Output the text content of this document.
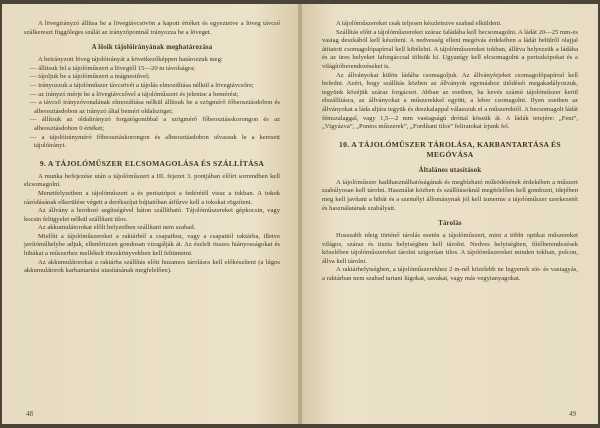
A lövegirányzó állítsa be a lövegtávcsövön a kapott értéket és egyeztetve a löveg távcső szálkereszt függőleges szálát az irányzópontnál irányozza be a löveget.

A lösik tájolóirányának meghatározása

A beirányzott löveg tájolóirányát a következőképpen határozzuk meg:

— állítsuk fel a tájolóműszert a lövegtől 15—20 m távolságra;

— tájoljuk be a tájolóműszert a mágnestűvel;

— irányozzuk a tájolóműszer távcsövét a tájolás elmozdítása nélkül a lövegtávcsőre;

— az irányzó mérje be a lövegtávcsővel a tájolóműszert és jelentse a bemérést;

— a távcső irányzóvonalának elmozdítása nélkül állítsuk be a szögmérő főbeosztásdobon és albeosztásdobon az irányzó által bemért oldalszöget;

— állítsuk az oldalirányzó forgatógombbal a szögmérő főbeosztásskorongon és az albeosztásdobon 0 értéket;

— a tájolóirányméró főbeosztáskorongon és albeosztásdobon olvassuk le a keresett tájolóirányt.

9. A TÁJOLÓMŰSZER ELCSOMAGOLÁSA ÉS SZÁLLÍTÁSA

A munka befejezése után a tájolóműszert a III. fejezet 3. pontjában előírt sorrendben kell elcsomagolni.

Menetfelyzetben a tájolóműszert a és perisztópot a fedérétől vissz a tokban. A tokok rázódásának elkerülése végett a derékszíjat bújtatóban átfűzve kell a tokokat rögzíteni.

Az állvány a hordozó segítségével háton szállítható. Tájolóműszereket gépkocsin, vagy kocsin felügyelet nélkül szállítani tilos.

Az akkumulátorokat előlt helyzetben szállítani nem szabad.

Mielőtt a tájolóműszereket a raktárból a csapathoz, vagy a csapattól raktárba, illetve javítóműhelybe adjuk, ellenőrizzen gondosan vizsgálják át. Az észlelt összes hiányosságokat és hibákat a műszerhez mellékelt törzskönyvekben kell feltüntetni.

Az akkumulátorokat a raktárba szállítás előtt huzamos tárolásra kell előkészíteni (a lúgos akkumulátorok karbantartási utasításának megfelelően).

48

A tájolóműszereket csak teljesen készletezve szabad elküldeni.

Szállítás előtt a tájolóműszereket száraz faládába kell becsomagolni. A ládát 20—25 mm-es vastag deszkából kell készíteni. A nedvesség elleni megóvás érdekében a ládát belülről olajjal átitatott csomagolópapírral kell kibélelni. A tájolóműszereket tokban, állítva helyezzük a ládába és az üres helyeket faforgáccsal töltsük ki. Ugyanígy kell elcsomagolni a periszkópokat és a világítóberendezéseket is.

Az állványokat külön ládába csomagoljuk. Az állványfejeket csomagolópapírral kell befedni. Azért, hogy szállítás közben az állványok egymáshoz ütődését megakadályozzuk, tegyünk közéjük száraz forgácsot. Abban az esetben, ha kevés számú tájolóműszer kerül elszállításra, az állványokat a műszerekkel együtt, a leber csomagolni. Ilyen esetben az állványokat a láda aljára tegyük és deszkalappal válasszuk el a műszerektől. A becsomagolt ládát fémszalaggal, vagy 1,5—2 mm vastagságú dróttal kössük át. A ládák tetejére: „Fent”, „Vigyázva”, „Pontos műszerek”, „Fordítani tilos” feliratokat írjunk fel.

10. A TÁJOLÓMŰSZER TÁROLÁSA, KARBANTARTÁSA ÉS MEGÓVÁSA
Általános utasítások

A tájolóműszer hadihasználhatóságának és megbízható működésének érdekében a műszert szabályosan kell tárolni. Használat közben és szállításoknál megfelelően kell gondozni, idejében meg kell javítani a hibát és a személyi állománynak jól kell ismernie a tájolóműszer szerkezetét és használatának szabályait.

Tárolás

Hosszabb ideig történő tárolás esetén a tájolóműszert, mint a többi optikai műszereket világos, száraz és tiszta helyiségben kell tárolni. Nedves helyiségben, fűtőberendezések közelében tájolóműszereket tárolni szigorúan tilos. A tájolóműszereket minden tokban, polcon, állva kell tárolni.

A raktárhelyiségben, a tájolóműszerekhez 2 m-nél közelebb ne legyenek sót- és vastagyás, a raktárban nem szabad tartani lúgokat, savakat, vagy más vegyianyagokat.

49
